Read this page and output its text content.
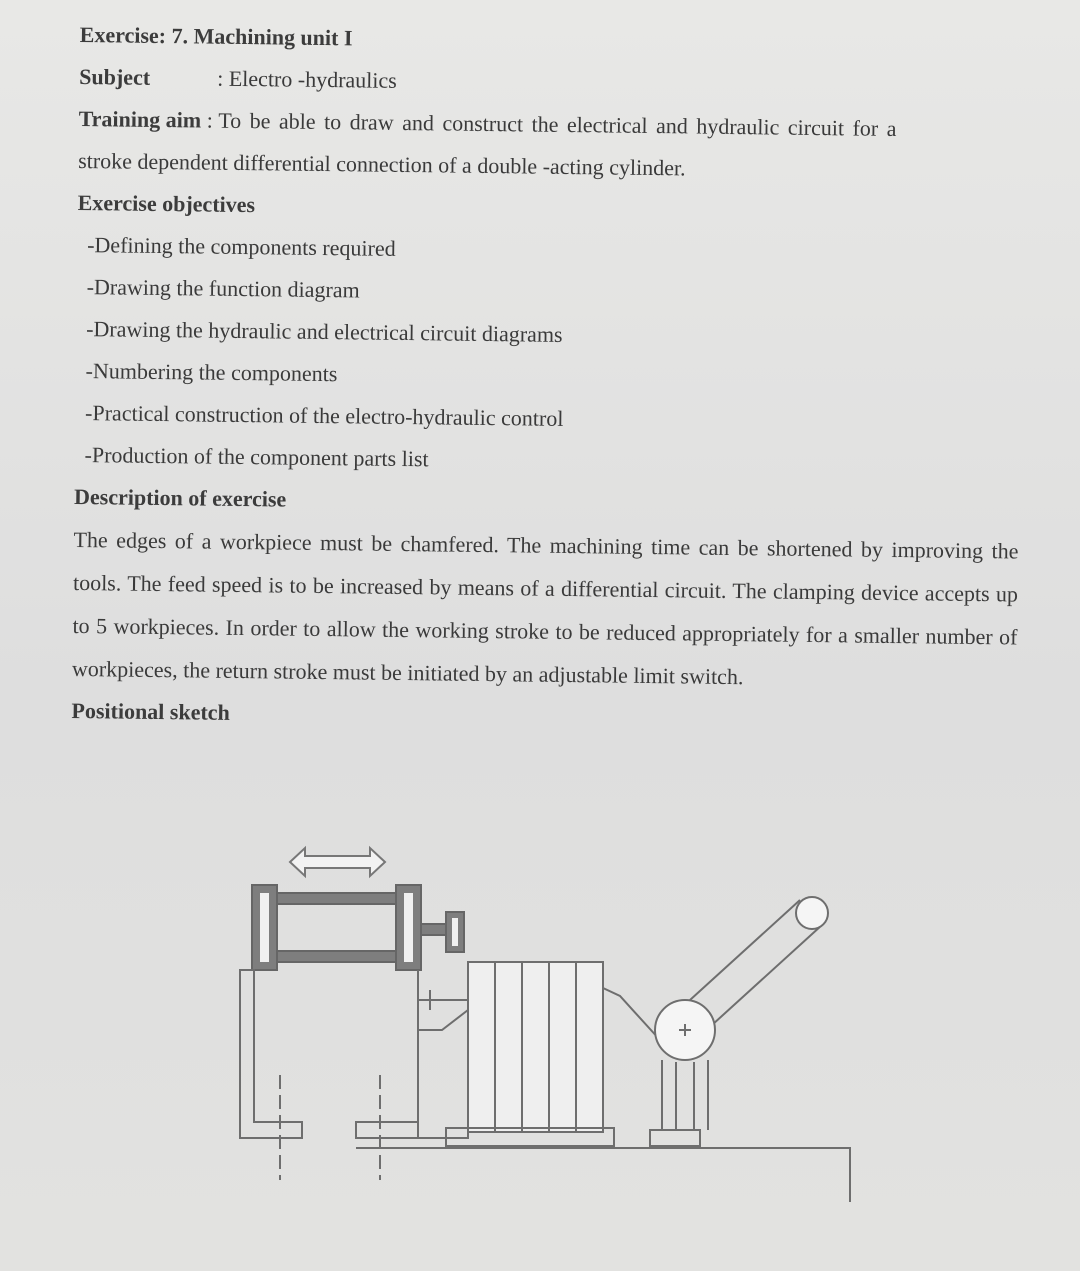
Exercise: 7. Machining unit I
Subject	: Electro -hydraulics
Training aim : To be able to draw and construct the electrical and hydraulic circuit for a
stroke dependent differential connection of a double -acting cylinder.
Exercise objectives
-Defining the components required
-Drawing the function diagram
-Drawing the hydraulic and electrical circuit diagrams
-Numbering the components
-Practical construction of the electro-hydraulic control
-Production of the component parts list
Description of exercise
The edges of a workpiece must be chamfered. The machining time can be shortened by improving the tools. The feed speed is to be increased by means of a differential circuit. The clamping device accepts up to 5 workpieces. In order to allow the working stroke to be reduced appropriately for a smaller number of workpieces, the return stroke must be initiated by an adjustable limit switch.
Positional sketch
